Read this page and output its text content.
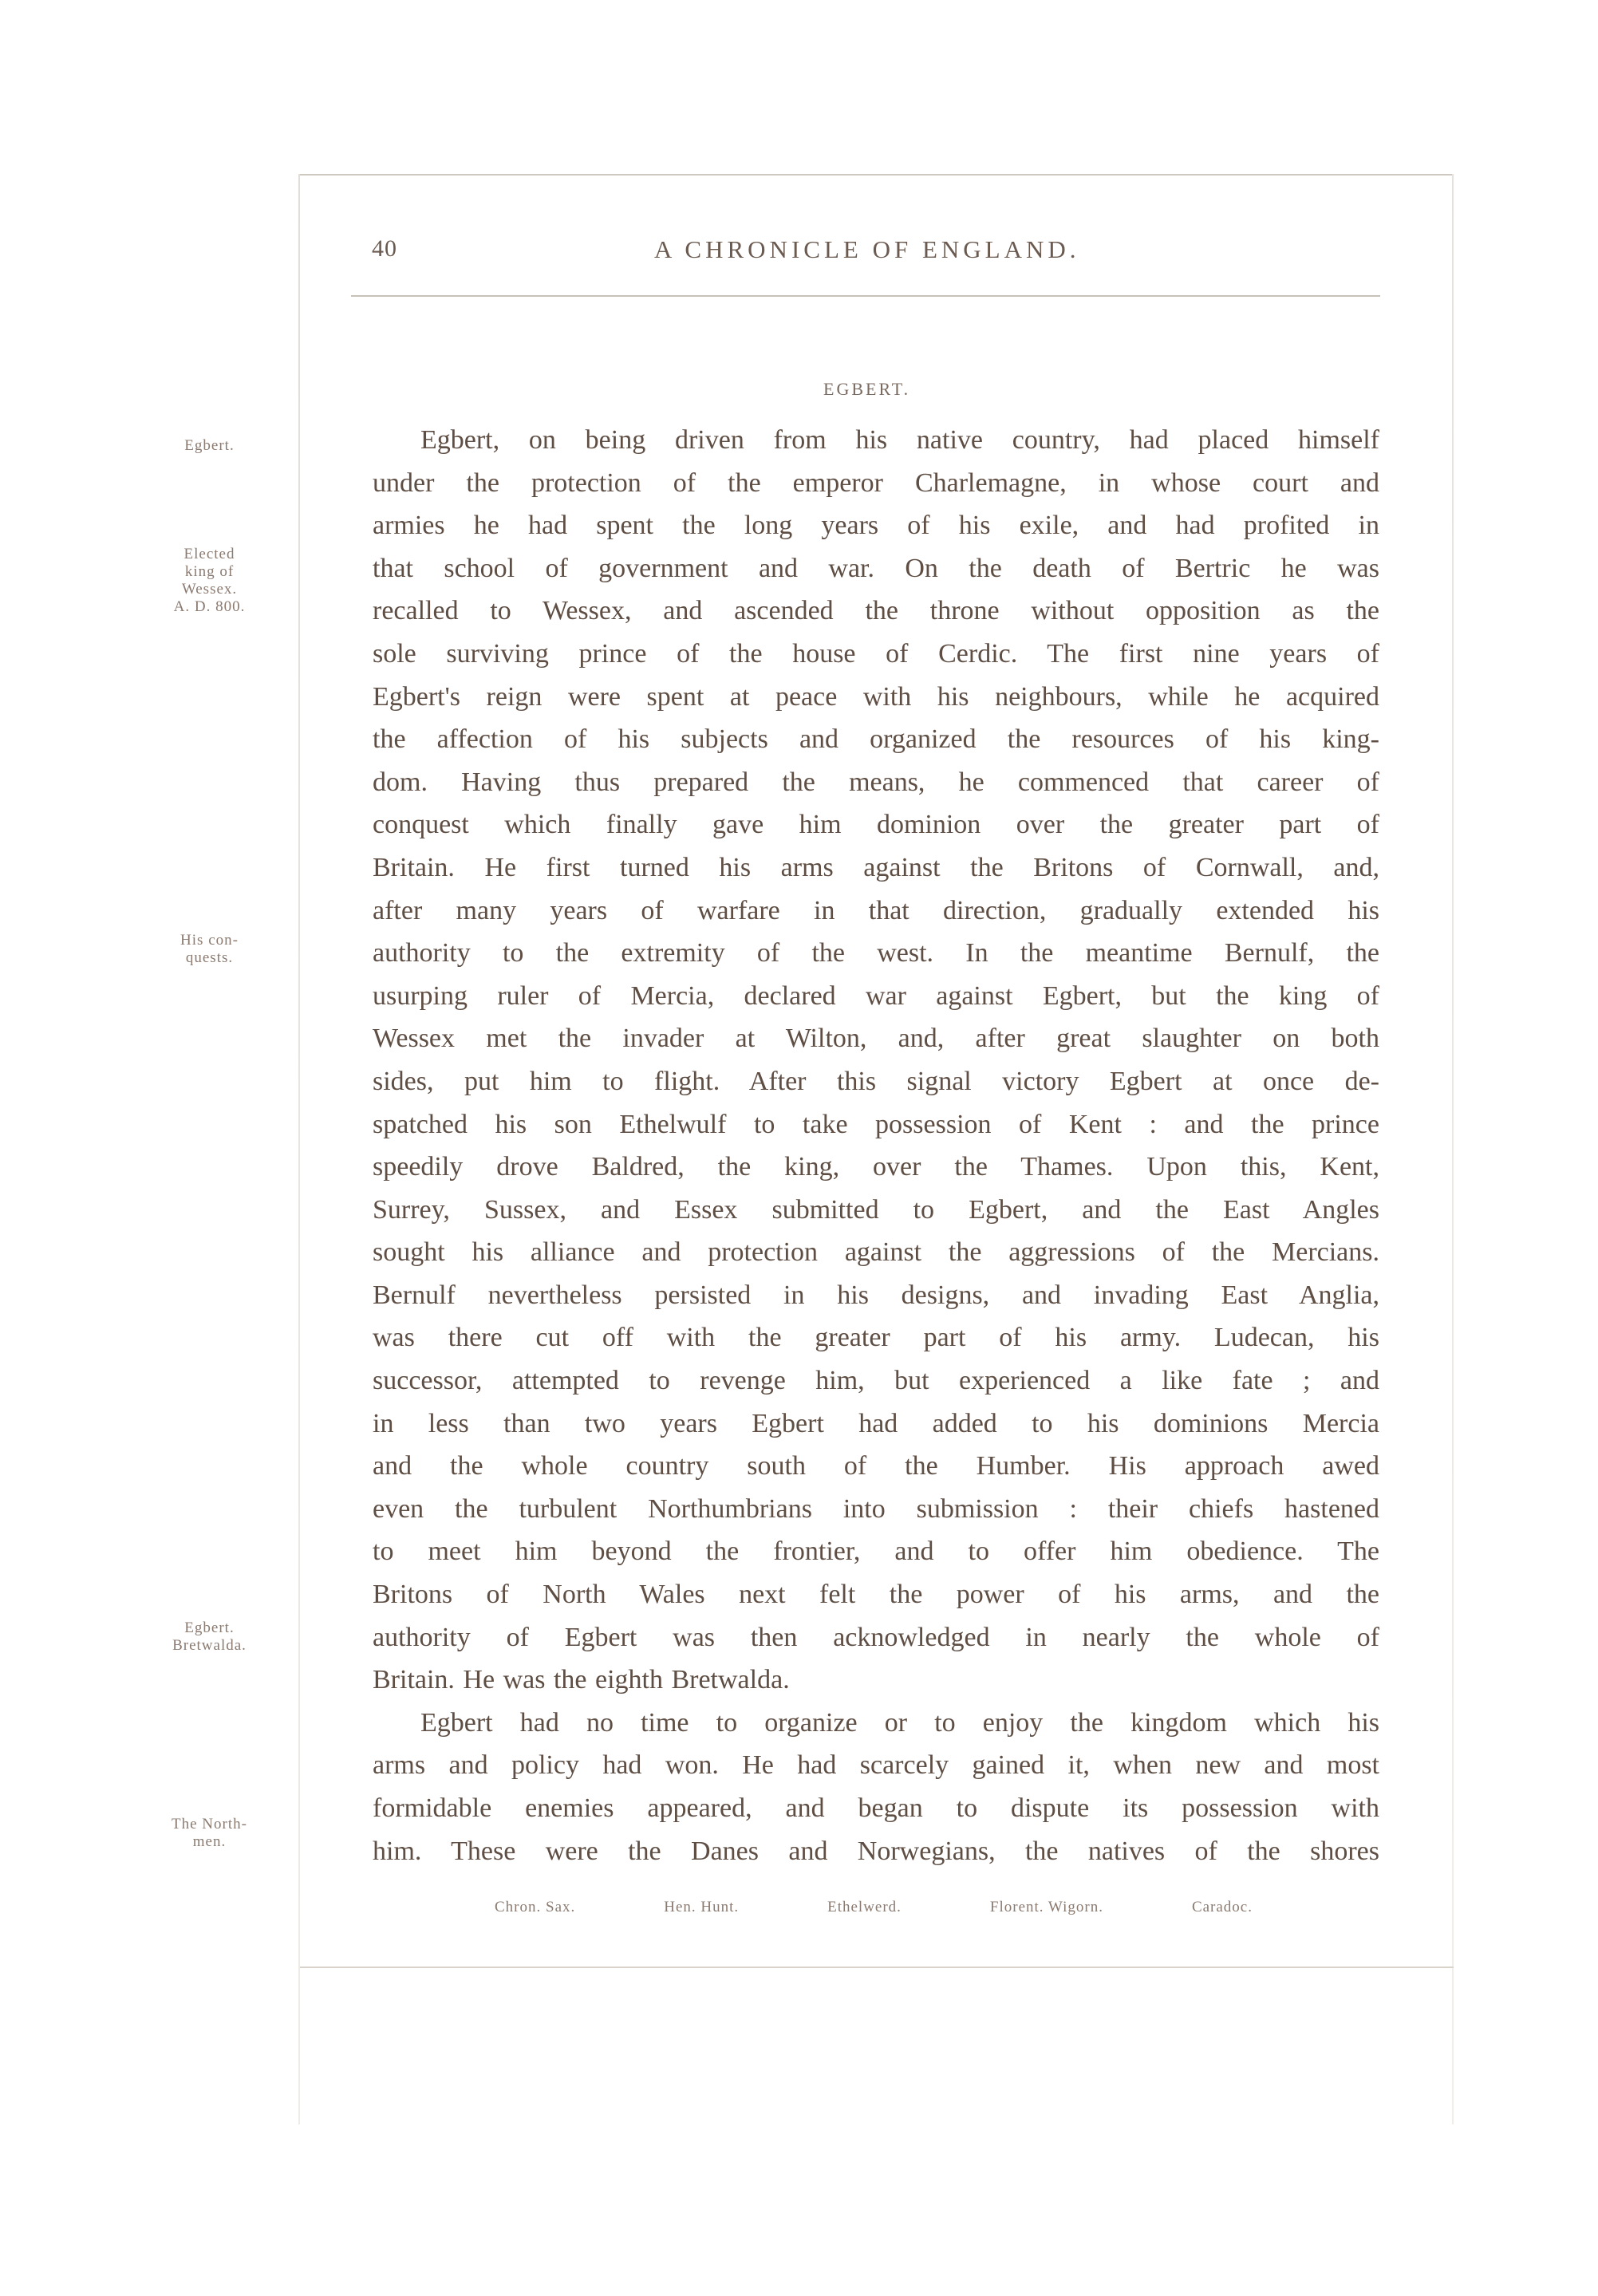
40	A CHRONICLE OF ENGLAND.
EGBERT.
Egbert.
Elected
king of
Wessex.
A. D. 800.
His con-
quests.
Egbert.
Bretwalda.
The North-
men.
Egbert, on being driven from his native country, had placed himself
under the protection of the emperor Charlemagne, in whose court and
armies he had spent the long years of his exile, and had profited in
that school of government and war. On the death of Bertric he was
recalled to Wessex, and ascended the throne without opposition as the
sole surviving prince of the house of Cerdic. The first nine years of
Egbert's reign were spent at peace with his neighbours, while he acquired
the affection of his subjects and organized the resources of his king-
dom. Having thus prepared the means, he commenced that career of
conquest which finally gave him dominion over the greater part of
Britain. He first turned his arms against the Britons of Cornwall, and,
after many years of warfare in that direction, gradually extended his
authority to the extremity of the west. In the meantime Bernulf, the
usurping ruler of Mercia, declared war against Egbert, but the king of
Wessex met the invader at Wilton, and, after great slaughter on both
sides, put him to flight. After this signal victory Egbert at once de-
spatched his son Ethelwulf to take possession of Kent : and the prince
speedily drove Baldred, the king, over the Thames. Upon this, Kent,
Surrey, Sussex, and Essex submitted to Egbert, and the East Angles
sought his alliance and protection against the aggressions of the Mercians.
Bernulf nevertheless persisted in his designs, and invading East Anglia,
was there cut off with the greater part of his army. Ludecan, his
successor, attempted to revenge him, but experienced a like fate ; and
in less than two years Egbert had added to his dominions Mercia
and the whole country south of the Humber. His approach awed
even the turbulent Northumbrians into submission : their chiefs hastened
to meet him beyond the frontier, and to offer him obedience. The
Britons of North Wales next felt the power of his arms, and the
authority of Egbert was then acknowledged in nearly the whole of
Britain. He was the eighth Bretwalda.
Egbert had no time to organize or to enjoy the kingdom which his
arms and policy had won. He had scarcely gained it, when new and most
formidable enemies appeared, and began to dispute its possession with
him. These were the Danes and Norwegians, the natives of the shores
Chron. Sax.	Hen. Hunt.	Ethelwerd.	Florent. Wigorn.	Caradoc.
